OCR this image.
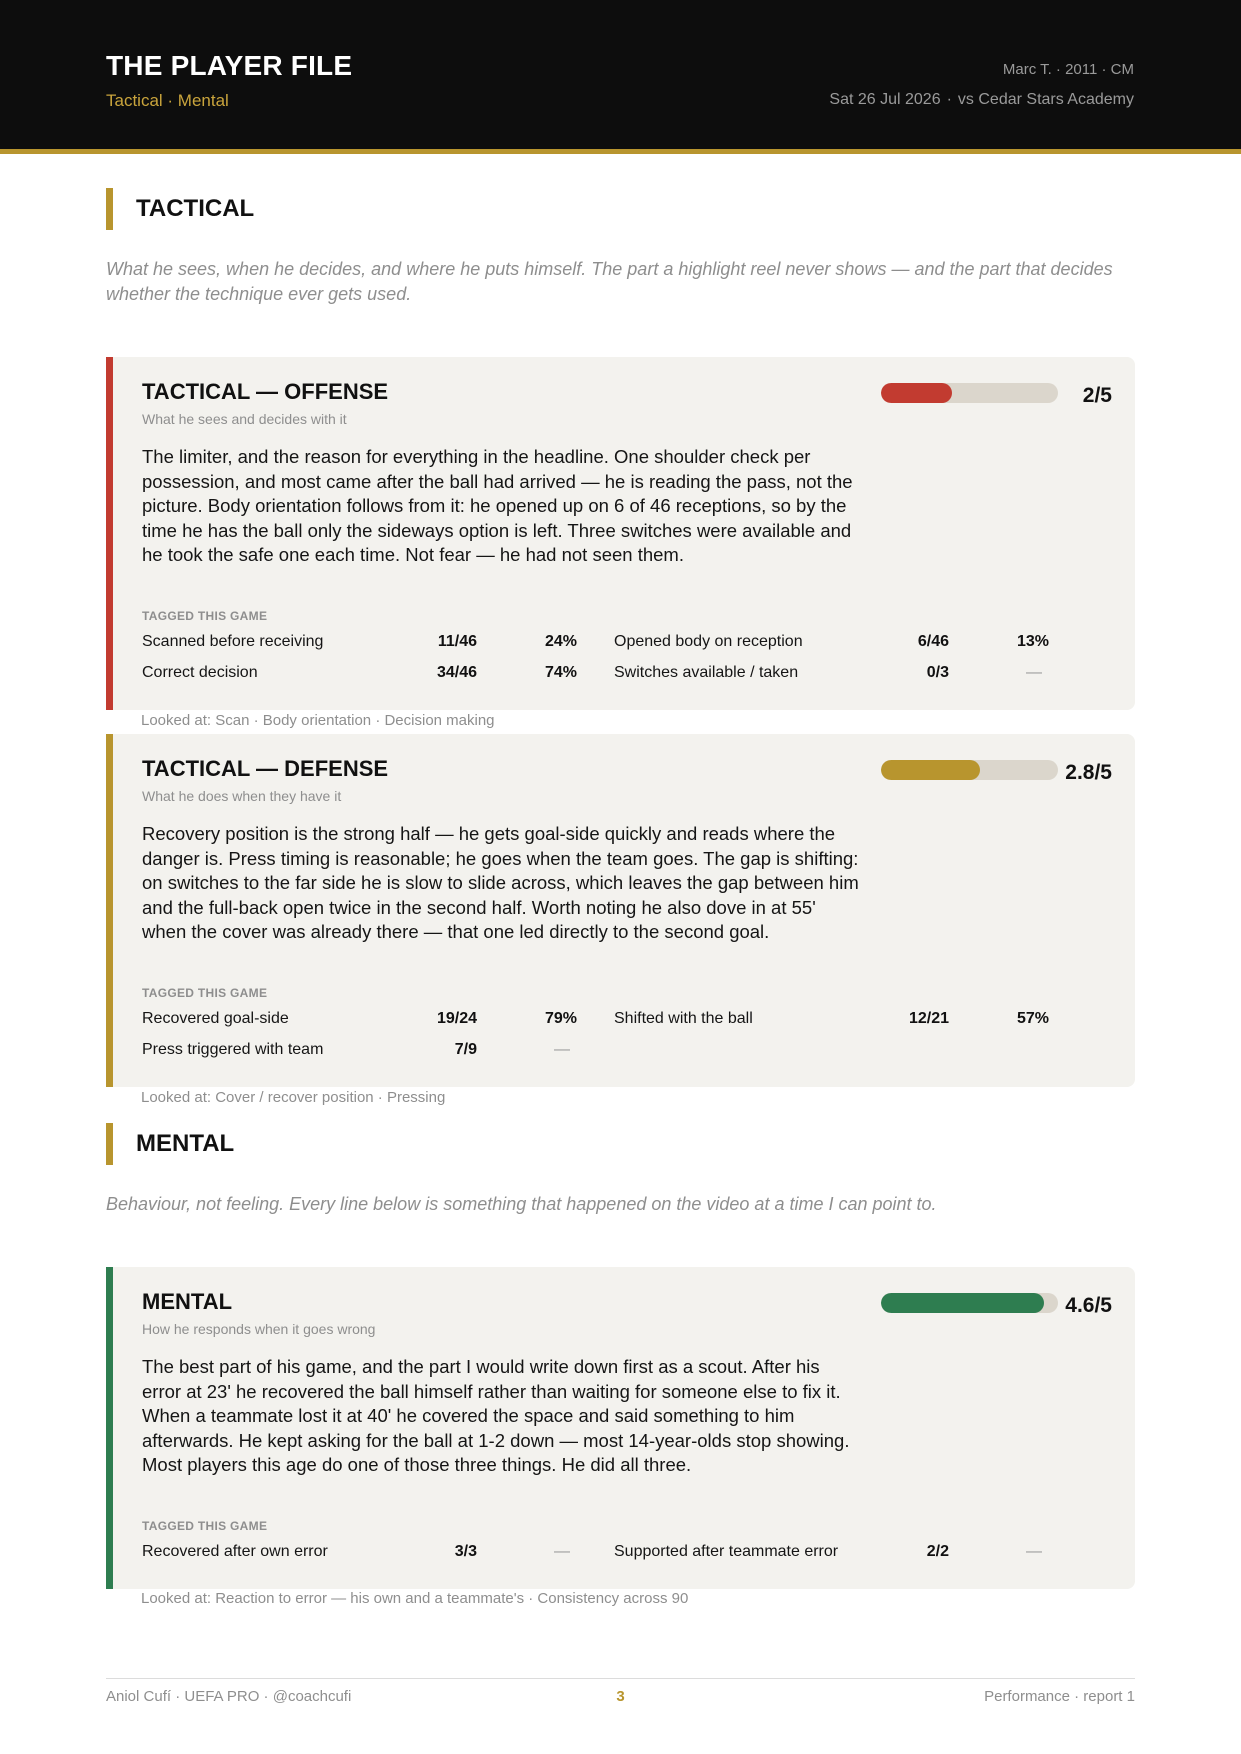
THE PLAYER FILE
Tactical · Mental
Marc T. · 2011 · CM
Sat 26 Jul 2026 · vs Cedar Stars Academy
TACTICAL
What he sees, when he decides, and where he puts himself. The part a highlight reel never shows — and the part that decides whether the technique ever gets used.
TACTICAL — OFFENSE
What he sees and decides with it
2/5
The limiter, and the reason for everything in the headline. One shoulder check per possession, and most came after the ball had arrived — he is reading the pass, not the picture. Body orientation follows from it: he opened up on 6 of 46 receptions, so by the time he has the ball only the sideways option is left. Three switches were available and he took the safe one each time. Not fear — he had not seen them.
TAGGED THIS GAME
Scanned before receiving	11/46	24% Opened body on reception	6/46	13%
Correct decision	34/46	74% Switches available / taken	0/3	—
Looked at: Scan · Body orientation · Decision making
TACTICAL — DEFENSE
What he does when they have it
2.8/5
Recovery position is the strong half — he gets goal-side quickly and reads where the danger is. Press timing is reasonable; he goes when the team goes. The gap is shifting: on switches to the far side he is slow to slide across, which leaves the gap between him and the full-back open twice in the second half. Worth noting he also dove in at 55' when the cover was already there — that one led directly to the second goal.
TAGGED THIS GAME
Recovered goal-side	19/24	79% Shifted with the ball	12/21	57%
Press triggered with team	7/9	—
Looked at: Cover / recover position · Pressing
MENTAL
Behaviour, not feeling. Every line below is something that happened on the video at a time I can point to.
MENTAL
How he responds when it goes wrong
4.6/5
The best part of his game, and the part I would write down first as a scout. After his error at 23' he recovered the ball himself rather than waiting for someone else to fix it. When a teammate lost it at 40' he covered the space and said something to him afterwards. He kept asking for the ball at 1-2 down — most 14-year-olds stop showing. Most players this age do one of those three things. He did all three.
TAGGED THIS GAME
Recovered after own error	3/3	—	Supported after teammate error	2/2	—
Looked at: Reaction to error — his own and a teammate's · Consistency across 90
Aniol Cufí · UEFA PRO · @coachcufi	3	Performance · report 1
